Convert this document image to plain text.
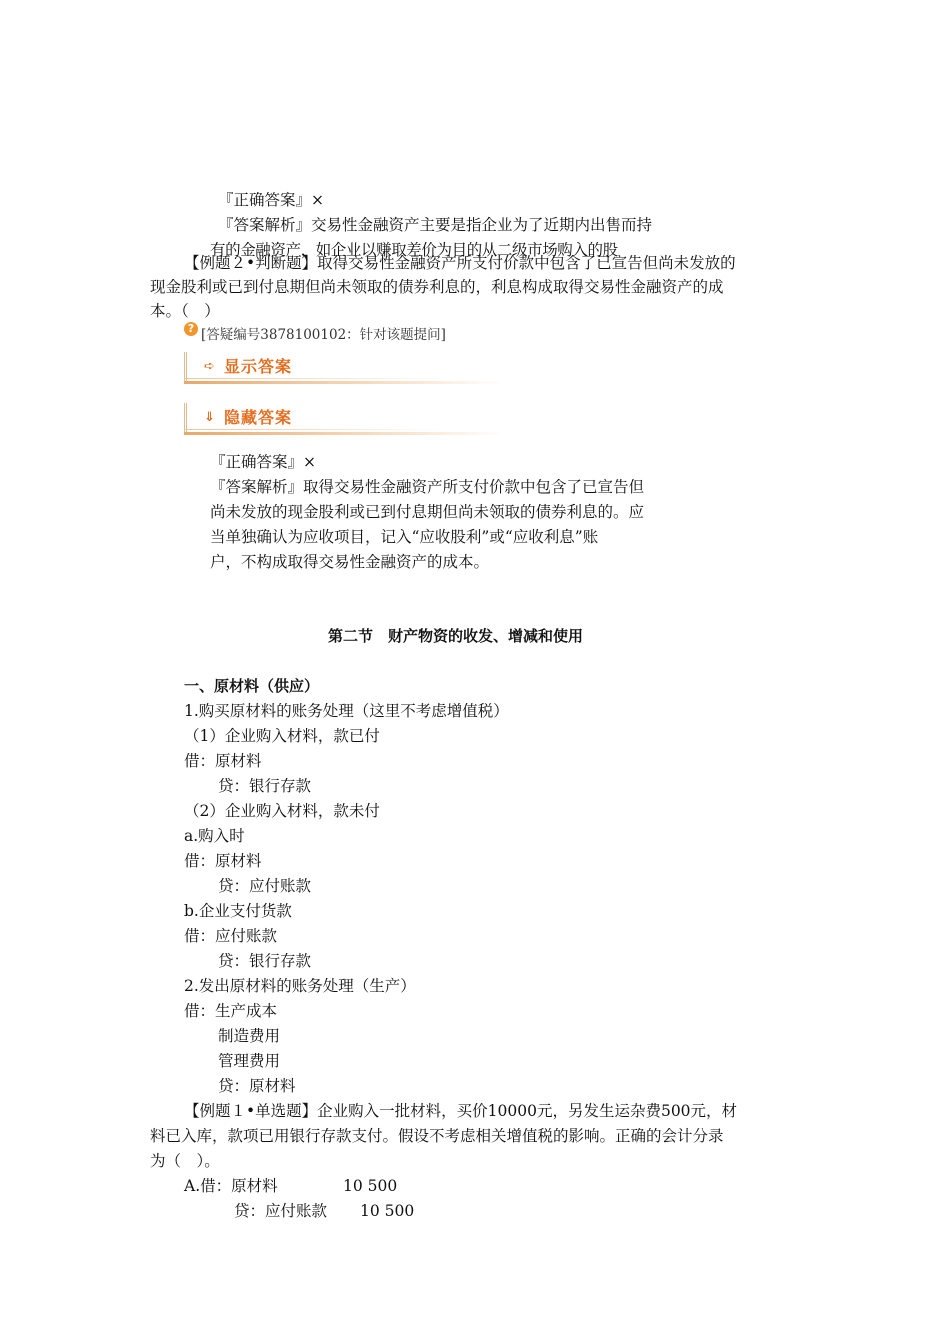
『正确答案』×
『答案解析』交易性金融资产主要是指企业为了近期内出售而持
有的金融资产，如企业以赚取差价为目的从二级市场购入的股
【例题２•判断题】取得交易性金融资产所支付价款中包含了已宣告但尚未发放的
现金股利或已到付息期但尚未领取的债券利息的，利息构成取得交易性金融资产的成
本。（　）
? [答疑编号3878100102：针对该题提问]
➪ 显示答案
⇓ 隐藏答案
『正确答案』×
『答案解析』取得交易性金融资产所支付价款中包含了已宣告但
尚未发放的现金股利或已到付息期但尚未领取的债券利息的。应
当单独确认为应收项目，记入“应收股利”或“应收利息”账
户，不构成取得交易性金融资产的成本。
第二节　财产物资的收发、增减和使用
一、原材料（供应）
1.购买原材料的账务处理（这里不考虑增值税）
（1）企业购入材料，款已付
借：原材料
贷：银行存款
（2）企业购入材料，款未付
a.购入时
借：原材料
贷：应付账款
b.企业支付货款
借：应付账款
贷：银行存款
2.发出原材料的账务处理（生产）
借：生产成本
制造费用
管理费用
贷：原材料
【例题１•单选题】企业购入一批材料，买价10000元，另发生运杂费500元，材
料已入库，款项已用银行存款支付。假设不考虑相关增值税的影响。正确的会计分录
为（　）。
A.借：原材料	10 500
贷：应付账款 10 500
